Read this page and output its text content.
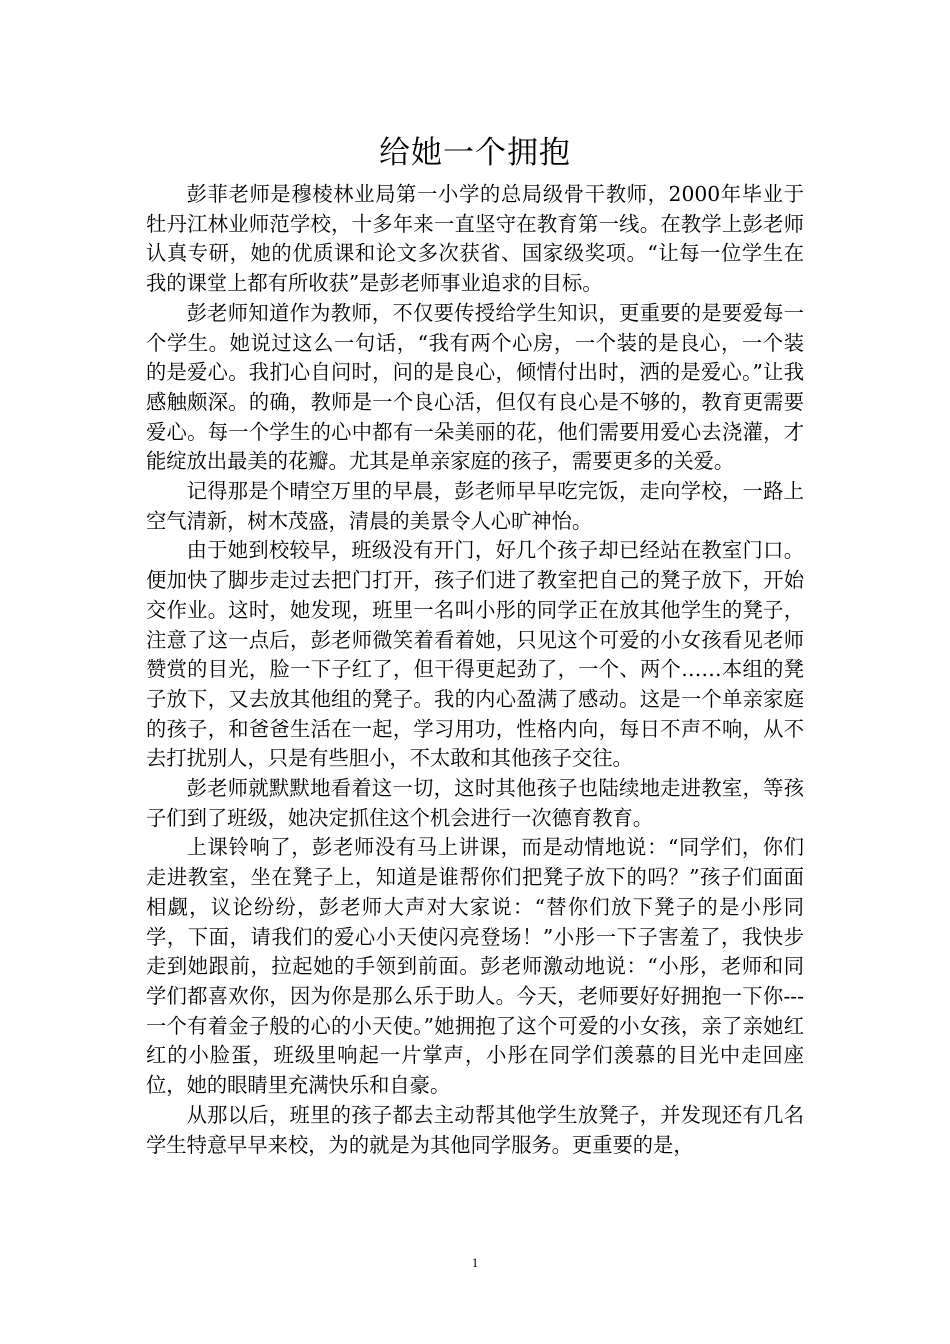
给她一个拥抱

彭菲老师是穆棱林业局第一小学的总局级骨干教师，2000年毕业于牡丹江林业师范学校，十多年来一直坚守在教育第一线。在教学上彭老师认真专研，她的优质课和论文多次获省、国家级奖项。“让每一位学生在我的课堂上都有所收获”是彭老师事业追求的目标。

彭老师知道作为教师，不仅要传授给学生知识，更重要的是要爱每一个学生。她说过这么一句话，“我有两个心房，一个装的是良心，一个装的是爱心。我扪心自问时，问的是良心，倾情付出时，洒的是爱心。”让我感触颇深。的确，教师是一个良心活，但仅有良心是不够的，教育更需要爱心。每一个学生的心中都有一朵美丽的花，他们需要用爱心去浇灌，才能绽放出最美的花瓣。尤其是单亲家庭的孩子，需要更多的关爱。

记得那是个晴空万里的早晨，彭老师早早吃完饭，走向学校，一路上空气清新，树木茂盛，清晨的美景令人心旷神怡。

由于她到校较早，班级没有开门，好几个孩子却已经站在教室门口。便加快了脚步走过去把门打开，孩子们进了教室把自己的凳子放下，开始交作业。这时，她发现，班里一名叫小彤的同学正在放其他学生的凳子，注意了这一点后，彭老师微笑着看着她，只见这个可爱的小女孩看见老师赞赏的目光，脸一下子红了，但干得更起劲了，一个、两个……本组的凳子放下，又去放其他组的凳子。我的内心盈满了感动。这是一个单亲家庭的孩子，和爸爸生活在一起，学习用功，性格内向，每日不声不响，从不去打扰别人，只是有些胆小，不太敢和其他孩子交往。

彭老师就默默地看着这一切，这时其他孩子也陆续地走进教室，等孩子们到了班级，她决定抓住这个机会进行一次德育教育。

上课铃响了，彭老师没有马上讲课，而是动情地说：“同学们，你们走进教室，坐在凳子上，知道是谁帮你们把凳子放下的吗？”孩子们面面相觑，议论纷纷，彭老师大声对大家说：“替你们放下凳子的是小彤同学，下面，请我们的爱心小天使闪亮登场！”小彤一下子害羞了，我快步走到她跟前，拉起她的手领到前面。彭老师激动地说：“小彤，老师和同学们都喜欢你，因为你是那么乐于助人。今天，老师要好好拥抱一下你---一个有着金子般的心的小天使。”她拥抱了这个可爱的小女孩，亲了亲她红红的小脸蛋，班级里响起一片掌声，小彤在同学们羡慕的目光中走回座位，她的眼睛里充满快乐和自豪。

从那以后，班里的孩子都去主动帮其他学生放凳子，并发现还有几名学生特意早早来校，为的就是为其他同学服务。更重要的是，

1
